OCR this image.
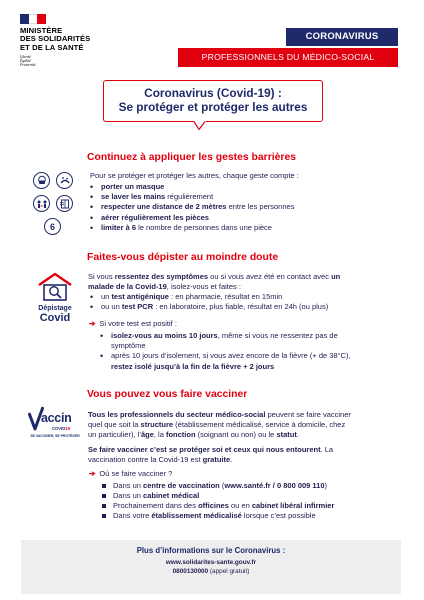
MINISTÈRE
DES SOLIDARITÉS
ET DE LA SANTÉ
Liberté
Égalité
Fraternité
CORONAVIRUS
PROFESSIONNELS DU MÉDICO-SOCIAL
Coronavirus (Covid-19) :
Se protéger et protéger les autres
Continuez à appliquer les gestes barrières
6
Pour se protéger et protéger les autres, chaque geste compte :
• porter un masque
• se laver les mains régulièrement
• respecter une distance de 2 mètres entre les personnes
• aérer régulièrement les pièces
• limiter à 6 le nombre de personnes dans une pièce
Faites-vous dépister au moindre doute
Dépistage
Covid
Si vous ressentez des symptômes ou si vous avez été en contact avec un
malade de la Covid-19, isolez-vous et faites :
• un test antigénique : en pharmacie, résultat en 15min
• ou un test PCR : en laboratoire, plus fiable, résultat en 24h (ou plus)
➔ Si votre test est positif :
• isolez-vous au moins 10 jours, même si vous ne ressentez pas de
symptôme
• après 10 jours d’isolement, si vous avez encore de la fièvre (+ de 38°C),
restez isolé jusqu’à la fin de la fièvre + 2 jours
Vous pouvez vous faire vacciner
accin
COVID19
SE VACCINER, SE PROTÉGER
Tous les professionnels du secteur médico-social peuvent se faire vacciner
quel que soit la structure (établissement médicalisé, service à domicile, chez
un particulier), l’âge, la fonction (soignant ou non) ou le statut.
Se faire vacciner c’est se protéger soi et ceux qui nous entourent. La
vaccination contre la Covid-19 est gratuite.
➔ Où se faire vacciner ?
Dans un centre de vaccination (www.santé.fr / 0 800 009 110)
Dans un cabinet médical
Prochainement dans des officines ou en cabinet libéral infirmier
Dans votre établissement médicalisé lorsque c’est possible
Plus d’informations sur le Coronavirus :
www.solidarites-sante.gouv.fr
0800130000 (appel gratuit)
